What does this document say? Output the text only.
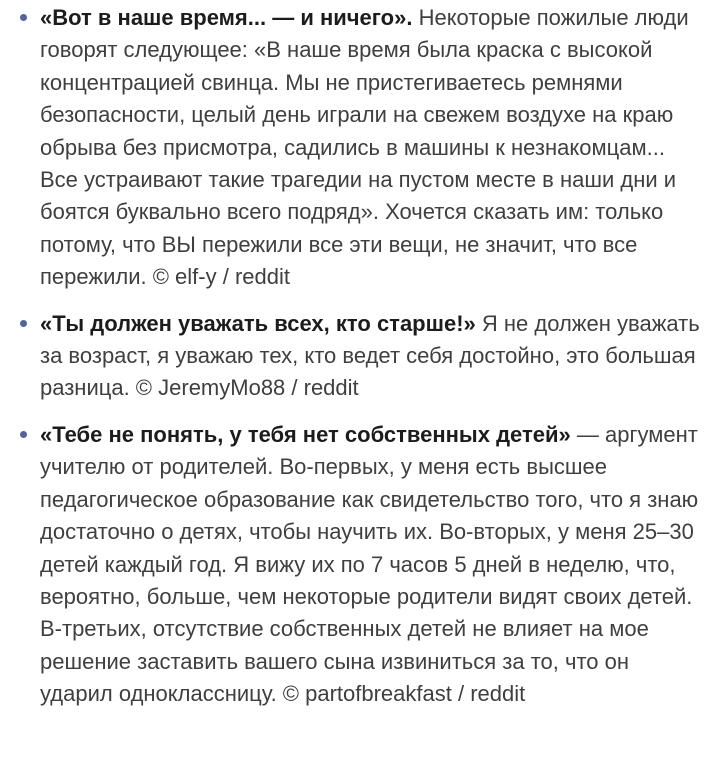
«Вот в наше время... — и ничего». Некоторые пожилые люди говорят следующее: «В наше время была краска с высокой концентрацией свинца. Мы не пристегиваетесь ремнями безопасности, целый день играли на свежем воздухе на краю обрыва без присмотра, садились в машины к незнакомцам... Все устраивают такие трагедии на пустом месте в наши дни и боятся буквально всего подряд». Хочется сказать им: только потому, что ВЫ пережили все эти вещи, не значит, что все пережили. © elf-y / reddit
«Ты должен уважать всех, кто старше!» Я не должен уважать за возраст, я уважаю тех, кто ведет себя достойно, это большая разница. © JeremyMo88 / reddit
«Тебе не понять, у тебя нет собственных детей» — аргумент учителю от родителей. Во-первых, у меня есть высшее педагогическое образование как свидетельство того, что я знаю достаточно о детях, чтобы научить их. Во-вторых, у меня 25–30 детей каждый год. Я вижу их по 7 часов 5 дней в неделю, что, вероятно, больше, чем некоторые родители видят своих детей. В-третьих, отсутствие собственных детей не влияет на мое решение заставить вашего сына извиниться за то, что он ударил одноклассницу. © partofbreakfast / reddit
